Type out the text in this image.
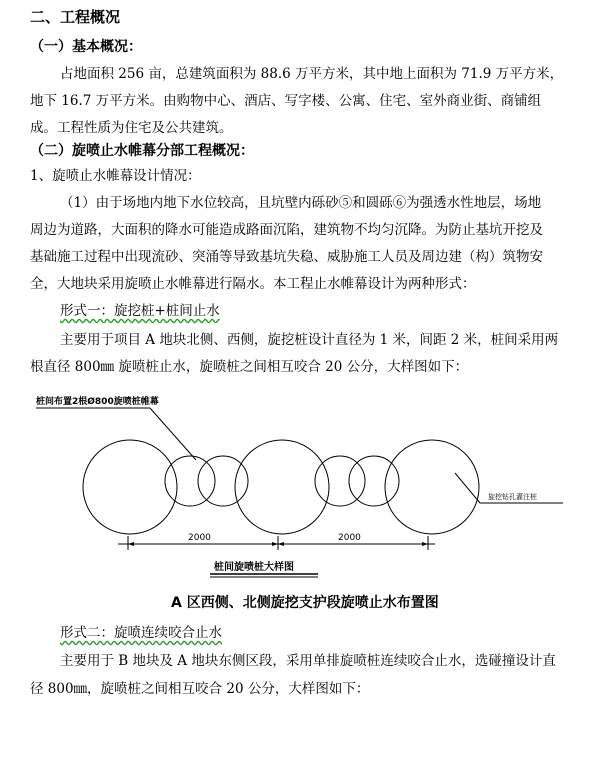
二、工程概况
（一）基本概况：
占地面积 256 亩，总建筑面积为 88.6 万平方米，其中地上面积为 71.9 万平方米，
地下 16.7 万平方米。由购物中心、酒店、写字楼、公寓、住宅、室外商业街、商铺组
成。工程性质为住宅及公共建筑。
（二）旋喷止水帷幕分部工程概况：
1、旋喷止水帷幕设计情况：
（1）由于场地内地下水位较高，且坑壁内砾砂⑤和圆砾⑥为强透水性地层，场地
周边为道路，大面积的降水可能造成路面沉陷，建筑物不均匀沉降。为防止基坑开挖及
基础施工过程中出现流砂、突涌等导致基坑失稳、威胁施工人员及周边建（构）筑物安
全，大地块采用旋喷止水帷幕进行隔水。本工程止水帷幕设计为两种形式：
形式一：旋挖桩+桩间止水
主要用于项目 A 地块北侧、西侧，旋挖桩设计直径为 1 米，间距 2 米，桩间采用两
根直径 800㎜ 旋喷桩止水，旋喷桩之间相互咬合 20 公分，大样图如下：
桩间布置2根Ø800旋喷桩帷幕
旋挖钻孔灌注桩
2000	2000
桩间旋喷桩大样图
A 区西侧、北侧旋挖支护段旋喷止水布置图
形式二：旋喷连续咬合止水
主要用于 B 地块及 A 地块东侧区段，采用单排旋喷桩连续咬合止水，选碰撞设计直
径 800㎜，旋喷桩之间相互咬合 20 公分，大样图如下：
